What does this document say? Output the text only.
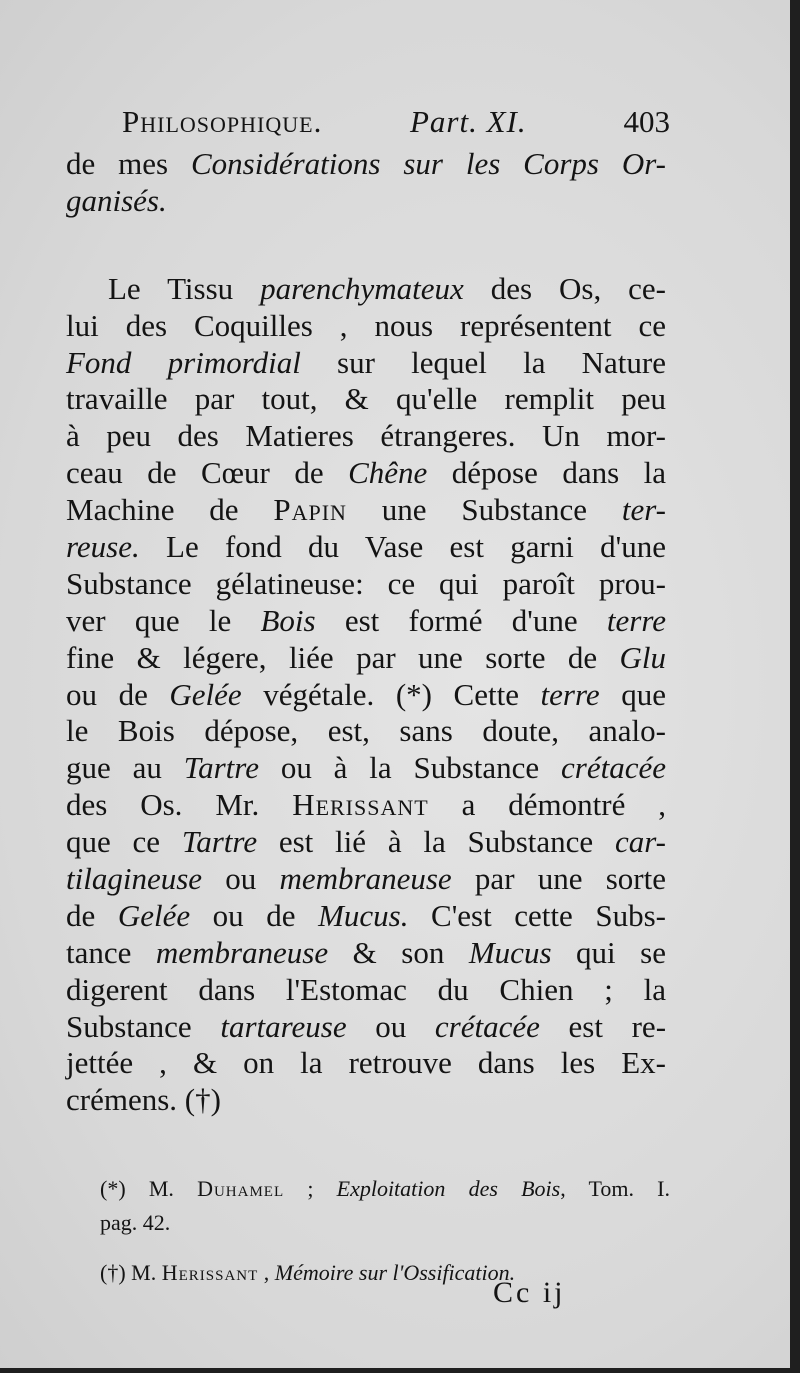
Philosophique.	Part. XI.	403
de mes Considérations sur les Corps Or-
ganisés.
Le Tissu parenchymateux des Os, ce-
lui des Coquilles , nous représentent ce
Fond primordial sur lequel la Nature
travaille par tout, & qu'elle remplit peu
à peu des Matieres étrangeres. Un mor-
ceau de Cœur de Chêne dépose dans la
Machine de Papin une Substance ter-
reuse. Le fond du Vase est garni d'une
Substance gélatineuse: ce qui paroît prou-
ver que le Bois est formé d'une terre
fine & légere, liée par une sorte de Glu
ou de Gelée végétale. (*) Cette terre que
le Bois dépose, est, sans doute, analo-
gue au Tartre ou à la Substance crétacée
des Os. Mr. Herissant a démontré ,
que ce Tartre est lié à la Substance car-
tilagineuse ou membraneuse par une sorte
de Gelée ou de Mucus. C'est cette Subs-
tance membraneuse & son Mucus qui se
digerent dans l'Estomac du Chien ; la
Substance tartareuse ou crétacée est re-
jettée , & on la retrouve dans les Ex-
crémens. (†)
(*) M. Duhamel ; Exploitation des Bois, Tom. I.
pag. 42.
(†) M. Herissant , Mémoire sur l'Ossification.
Cc ij
